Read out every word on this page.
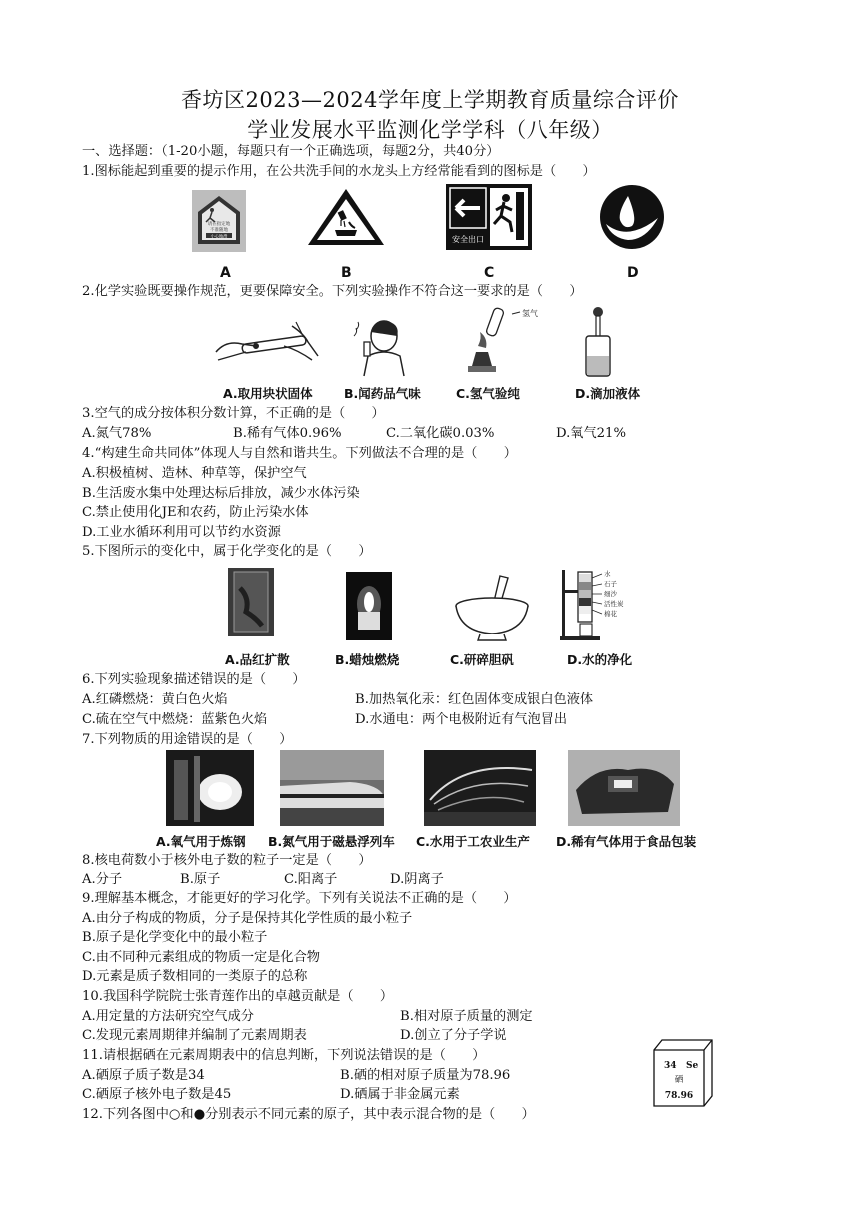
香坊区2023—2024学年度上学期教育质量综合评价
学业发展水平监测化学学科（八年级）
一、选择题：（1-20小题，每题只有一个正确选项，每题2分，共40分）
1.图标能起到重要的提示作用，在公共洗手间的水龙头上方经常能看到的图标是（　　）
请在指定地
不准随地
小心地滑	安全出口
A	B	C	D
2.化学实验既要操作规范，更要保障安全。下列实验操作不符合这一要求的是（　　）
氢气
A.取用块状固体	B.闻药品气味	C.氢气验纯	D.滴加液体
3.空气的成分按体积分数计算，不正确的是（　　）
A.氮气78%	B.稀有气体0.96%	C.二氧化碳0.03%	D.氧气21%
4.“构建生命共同体”体现人与自然和谐共生。下列做法不合理的是（　　）
A.积极植树、造林、种草等，保护空气
B.生活废水集中处理达标后排放，减少水体污染
C.禁止使用化JE和农药，防止污染水体
D.工业水循环利用可以节约水资源
5.下图所示的变化中，属于化学变化的是（　　）
水
石子
细沙
活性炭
棉花
A.品红扩散	B.蜡烛燃烧	C.研碎胆矾	D.水的净化
6.下列实验现象描述错误的是（　　）
A.红磷燃烧：黄白色火焰	B.加热氧化汞：红色固体变成银白色液体
C.硫在空气中燃烧：蓝紫色火焰	D.水通电：两个电极附近有气泡冒出
7.下列物质的用途错误的是（　　）
A.氧气用于炼钢 B.氮气用于磁悬浮列车 C.水用于工农业生产 D.稀有气体用于食品包装
8.核电荷数小于核外电子数的粒子一定是（　　）
A.分子	B.原子	C.阳离子	D.阴离子
9.理解基本概念，才能更好的学习化学。下列有关说法不正确的是（　　）
A.由分子构成的物质，分子是保持其化学性质的最小粒子
B.原子是化学变化中的最小粒子
C.由不同种元素组成的物质一定是化合物
D.元素是质子数相同的一类原子的总称
10.我国科学院院士张青莲作出的卓越贡献是（　　）
A.用定量的方法研究空气成分	B.相对原子质量的测定
C.发现元素周期律并编制了元素周期表	D.创立了分子学说
11.请根据硒在元素周期表中的信息判断，下列说法错误的是（　　）
A.硒原子质子数是34	B.硒的相对原子质量为78.96
C.硒原子核外电子数是45	D.硒属于非金属元素
34 Se
硒
78.96
12.下列各图中○和●分别表示不同元素的原子，其中表示混合物的是（　　）
